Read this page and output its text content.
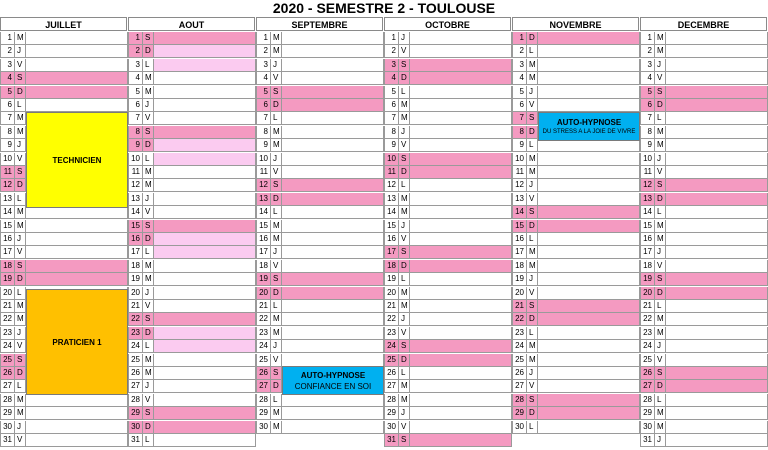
2020 - SEMESTRE 2 - TOULOUSE
JUILLET
1 M
2 J
3 V
4 S
5 D
6 L
7 M
8 M
9 J
10 V
11 S
12 D
13 L
14 M
15 M
16 J
17 V
18 S
19 D
20 L
21 M
22 M
23 J
24 V
25 S
26 D
27 L
28 M
29 M
30 J
31 V
AOUT
1 S
2 D
3 L
4 M
5 M
6 J
7 V
8 S
9 D
10 L
11 M
12 M
13 J
14 V
15 S
16 D
17 L
18 M
19 M
20 J
21 V
22 S
23 D
24 L
25 M
26 M
27 J
28 V
29 S
30 D
31 L
SEPTEMBRE
1 M
2 M
3 J
4 V
5 S
6 D
7 L
8 M
9 M
10 J
11 V
12 S
13 D
14 L
15 M
16 M
17 J
18 V
19 S
20 D
21 L
22 M
23 M
24 J
25 V
26 S
27 D
28 L
29 M
30 M
OCTOBRE
1 J
2 V
3 S
4 D
5 L
6 M
7 M
8 J
9 V
10 S
11 D
12 L
13 M
14 M
15 J
16 V
17 S
18 D
19 L
20 M
21 M
22 J
23 V
24 S
25 D
26 L
27 M
28 M
29 J
30 V
31 S
NOVEMBRE
1 D
2 L
3 M
4 M
5 J
6 V
7 S
8 D
9 L
10 M
11 M
12 J
13 V
14 S
15 D
16 L
17 M
18 M
19 J
20 V
21 S
22 D
23 L
24 M
25 M
26 J
27 V
28 S
29 D
30 L
DECEMBRE
1 M
2 M
3 J
4 V
5 S
6 D
7 L
8 M
9 M
10 J
11 V
12 S
13 D
14 L
15 M
16 M
17 J
18 V
19 S
20 D
21 L
22 M
23 M
24 J
25 V
26 S
27 D
28 L
29 M
30 M
31 J
TECHNICIEN
PRATICIEN 1
AUTO-HYPNOSE
CONFIANCE EN SOI
AUTO-HYPNOSE
DU STRESS A LA JOIE DE VIVRE
